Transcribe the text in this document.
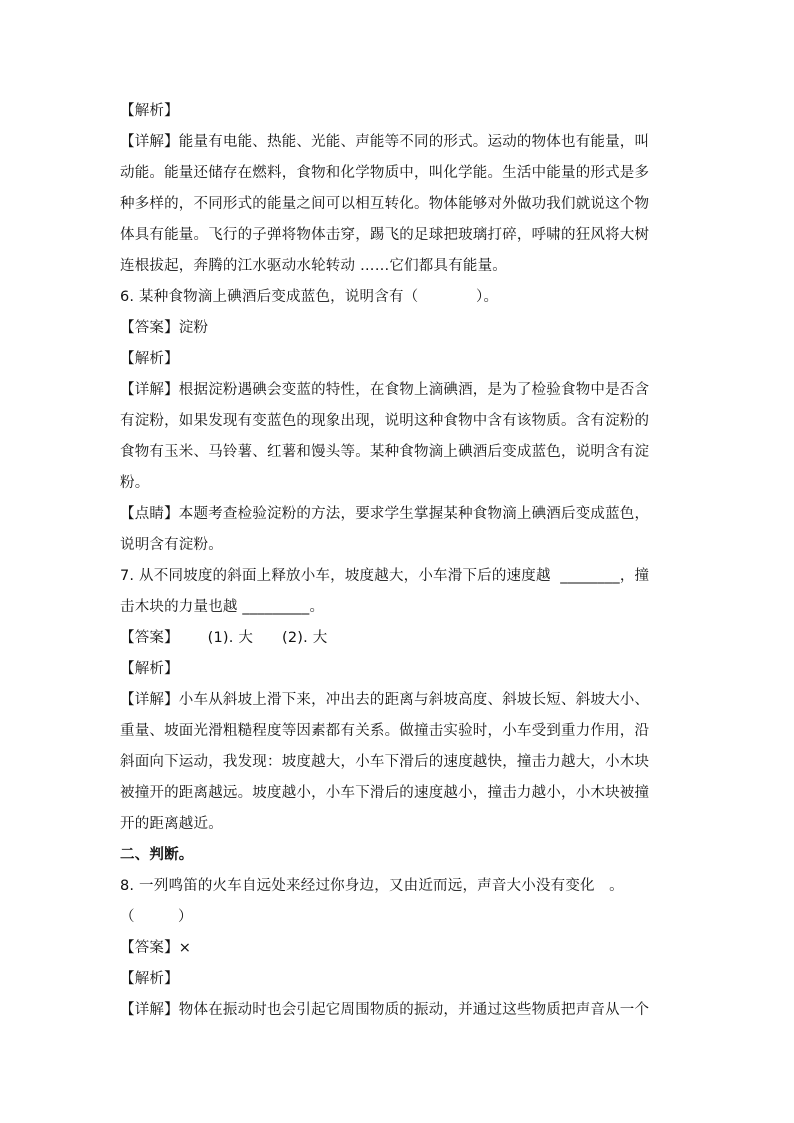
【解析】
【详解】能量有电能、热能、光能、声能等不同的形式。运动的物体也有能量，叫
动能。能量还储存在燃料，食物和化学物质中，叫化学能。生活中能量的形式是多
种多样的，不同形式的能量之间可以相互转化。物体能够对外做功我们就说这个物
体具有能量。飞行的子弹将物体击穿，踢飞的足球把玻璃打碎，呼啸的狂风将大树
连根拔起，奔腾的江水驱动水轮转动 ……它们都具有能量。
6. 某种食物滴上碘酒后变成蓝色，说明含有（            ）。
【答案】淀粉
【解析】
【详解】根据淀粉遇碘会变蓝的特性，在食物上滴碘酒，是为了检验食物中是否含
有淀粉，如果发现有变蓝色的现象出现，说明这种食物中含有该物质。含有淀粉的
食物有玉米、马铃薯、红薯和馒头等。某种食物滴上碘酒后变成蓝色，说明含有淀
粉。
【点睛】本题考查检验淀粉的方法，要求学生掌握某种食物滴上碘酒后变成蓝色，
说明含有淀粉。
7. 从不同坡度的斜面上释放小车，坡度越大，小车滑下后的速度越  ________，撞
击木块的力量也越 _________。
【答案】      (1). 大      (2). 大
【解析】
【详解】小车从斜坡上滑下来，冲出去的距离与斜坡高度、斜坡长短、斜坡大小、
重量、坡面光滑粗糙程度等因素都有关系。做撞击实验时，小车受到重力作用，沿
斜面向下运动，我发现：坡度越大，小车下滑后的速度越快，撞击力越大，小木块
被撞开的距离越远。坡度越小，小车下滑后的速度越小，撞击力越小，小木块被撞
开的距离越近。
二、判断。
8. 一列鸣笛的火车自远处来经过你身边，又由近而远，声音大小没有变化   。
（         ）
【答案】×
【解析】
【详解】物体在振动时也会引起它周围物质的振动，并通过这些物质把声音从一个
